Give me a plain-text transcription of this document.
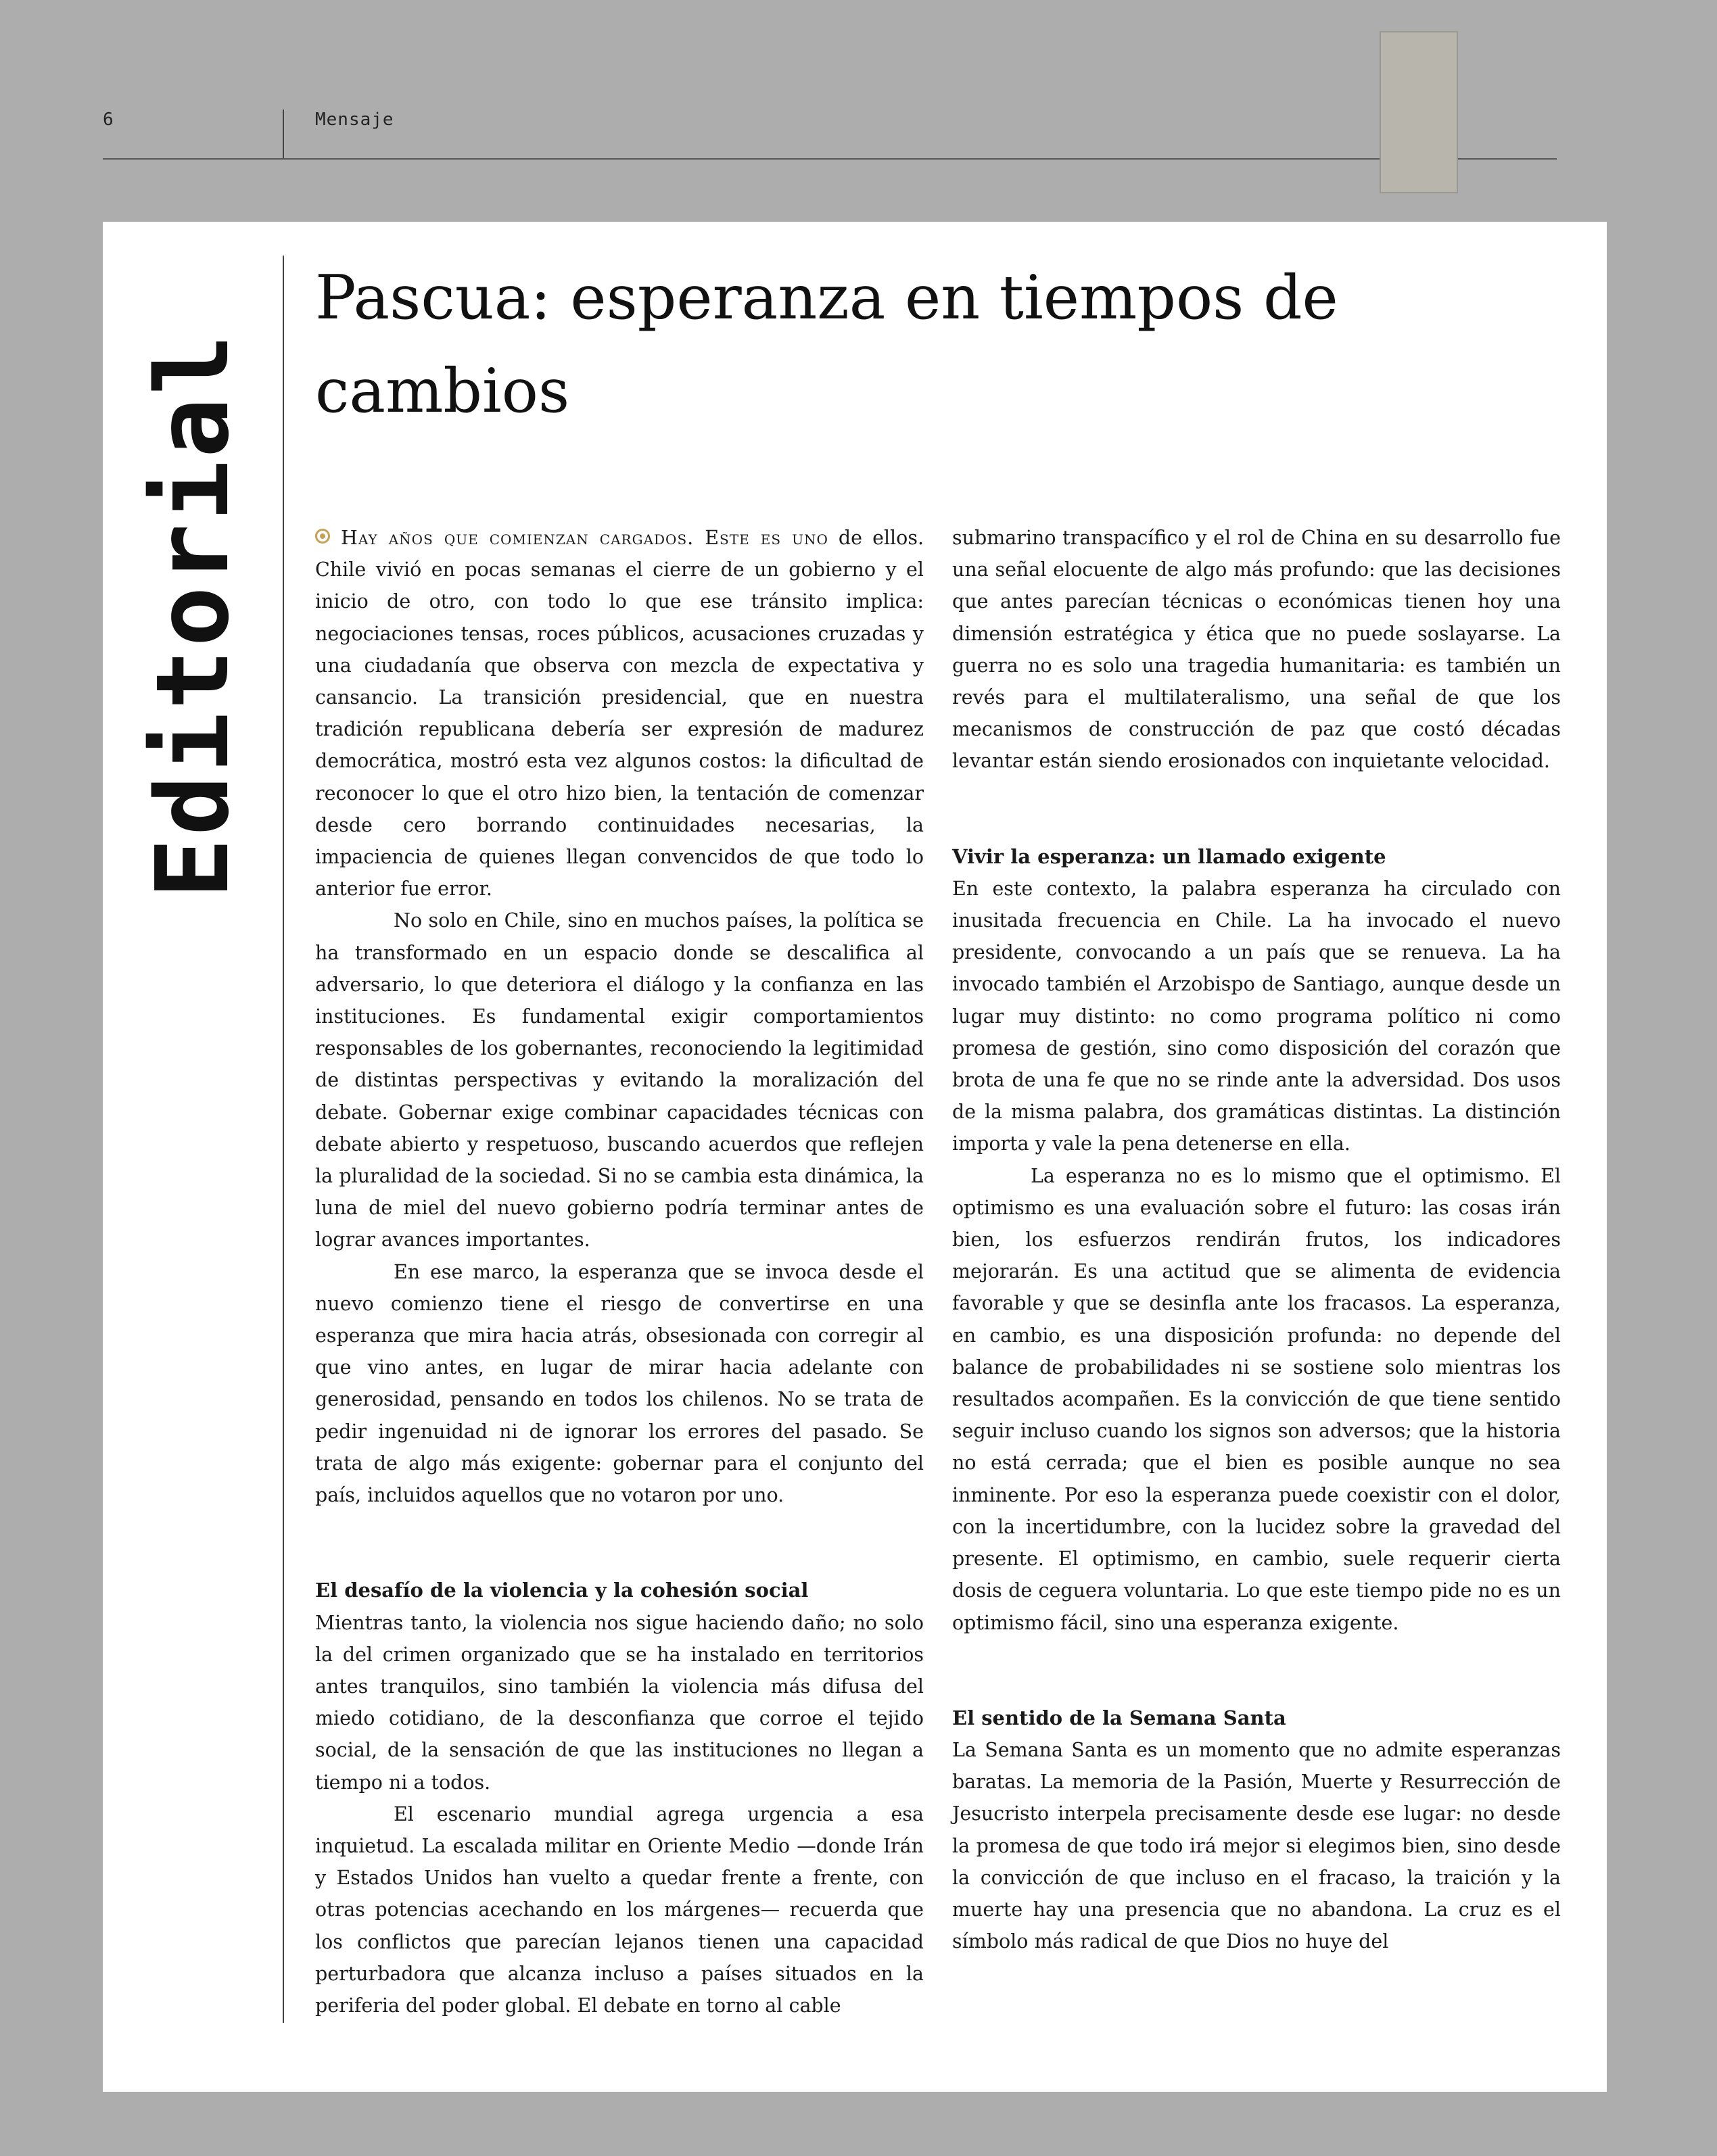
6	Mensaje
Editorial
Pascua: esperanza en tiempos de cambios

Hay años que comienzan cargados. Este es uno de ellos. Chile vivió en pocas semanas el cierre de un gobierno y el inicio de otro, con todo lo que ese tránsito implica: negociaciones tensas, roces públicos, acusaciones cruzadas y una ciudadanía que observa con mezcla de expectativa y cansancio. La transición presidencial, que en nuestra tradición republicana debería ser expresión de madurez democrática, mostró esta vez algunos costos: la dificultad de reconocer lo que el otro hizo bien, la tentación de comenzar desde cero borrando continuidades necesarias, la impaciencia de quienes llegan convencidos de que todo lo anterior fue error.

No solo en Chile, sino en muchos países, la política se ha transformado en un espacio donde se descalifica al adversario, lo que deteriora el diálogo y la confianza en las instituciones. Es fundamental exigir comportamientos responsables de los gobernantes, reconociendo la legitimidad de distintas perspectivas y evitando la moralización del debate. Gobernar exige combinar capacidades técnicas con debate abierto y respetuoso, buscando acuerdos que reflejen la pluralidad de la sociedad. Si no se cambia esta dinámica, la luna de miel del nuevo gobierno podría terminar antes de lograr avances importantes.

En ese marco, la esperanza que se invoca desde el nuevo comienzo tiene el riesgo de convertirse en una esperanza que mira hacia atrás, obsesionada con corregir al que vino antes, en lugar de mirar hacia adelante con generosidad, pensando en todos los chilenos. No se trata de pedir ingenuidad ni de ignorar los errores del pasado. Se trata de algo más exigente: gobernar para el conjunto del país, incluidos aquellos que no votaron por uno.

El desafío de la violencia y la cohesión social

Mientras tanto, la violencia nos sigue haciendo daño; no solo la del crimen organizado que se ha instalado en territorios antes tranquilos, sino también la violencia más difusa del miedo cotidiano, de la desconfianza que corroe el tejido social, de la sensación de que las instituciones no llegan a tiempo ni a todos.

El escenario mundial agrega urgencia a esa inquietud. La escalada militar en Oriente Medio —donde Irán y Estados Unidos han vuelto a quedar frente a frente, con otras potencias acechando en los márgenes— recuerda que los conflictos que parecían lejanos tienen una capacidad perturbadora que alcanza incluso a países situados en la periferia del poder global. El debate en torno al cable

submarino transpacífico y el rol de China en su desarrollo fue una señal elocuente de algo más profundo: que las decisiones que antes parecían técnicas o económicas tienen hoy una dimensión estratégica y ética que no puede soslayarse. La guerra no es solo una tragedia humanitaria: es también un revés para el multilateralismo, una señal de que los mecanismos de construcción de paz que costó décadas levantar están siendo erosionados con inquietante velocidad.

Vivir la esperanza: un llamado exigente

En este contexto, la palabra esperanza ha circulado con inusitada frecuencia en Chile. La ha invocado el nuevo presidente, convocando a un país que se renueva. La ha invocado también el Arzobispo de Santiago, aunque desde un lugar muy distinto: no como programa político ni como promesa de gestión, sino como disposición del corazón que brota de una fe que no se rinde ante la adversidad. Dos usos de la misma palabra, dos gramáticas distintas. La distinción importa y vale la pena detenerse en ella.

La esperanza no es lo mismo que el optimismo. El optimismo es una evaluación sobre el futuro: las cosas irán bien, los esfuerzos rendirán frutos, los indicadores mejorarán. Es una actitud que se alimenta de evidencia favorable y que se desinfla ante los fracasos. La esperanza, en cambio, es una disposición profunda: no depende del balance de probabilidades ni se sostiene solo mientras los resultados acompañen. Es la convicción de que tiene sentido seguir incluso cuando los signos son adversos; que la historia no está cerrada; que el bien es posible aunque no sea inminente. Por eso la esperanza puede coexistir con el dolor, con la incertidumbre, con la lucidez sobre la gravedad del presente. El optimismo, en cambio, suele requerir cierta dosis de ceguera voluntaria. Lo que este tiempo pide no es un optimismo fácil, sino una esperanza exigente.

El sentido de la Semana Santa

La Semana Santa es un momento que no admite esperanzas baratas. La memoria de la Pasión, Muerte y Resurrección de Jesucristo interpela precisamente desde ese lugar: no desde la promesa de que todo irá mejor si elegimos bien, sino desde la convicción de que incluso en el fracaso, la traición y la muerte hay una presencia que no abandona. La cruz es el símbolo más radical de que Dios no huye del
